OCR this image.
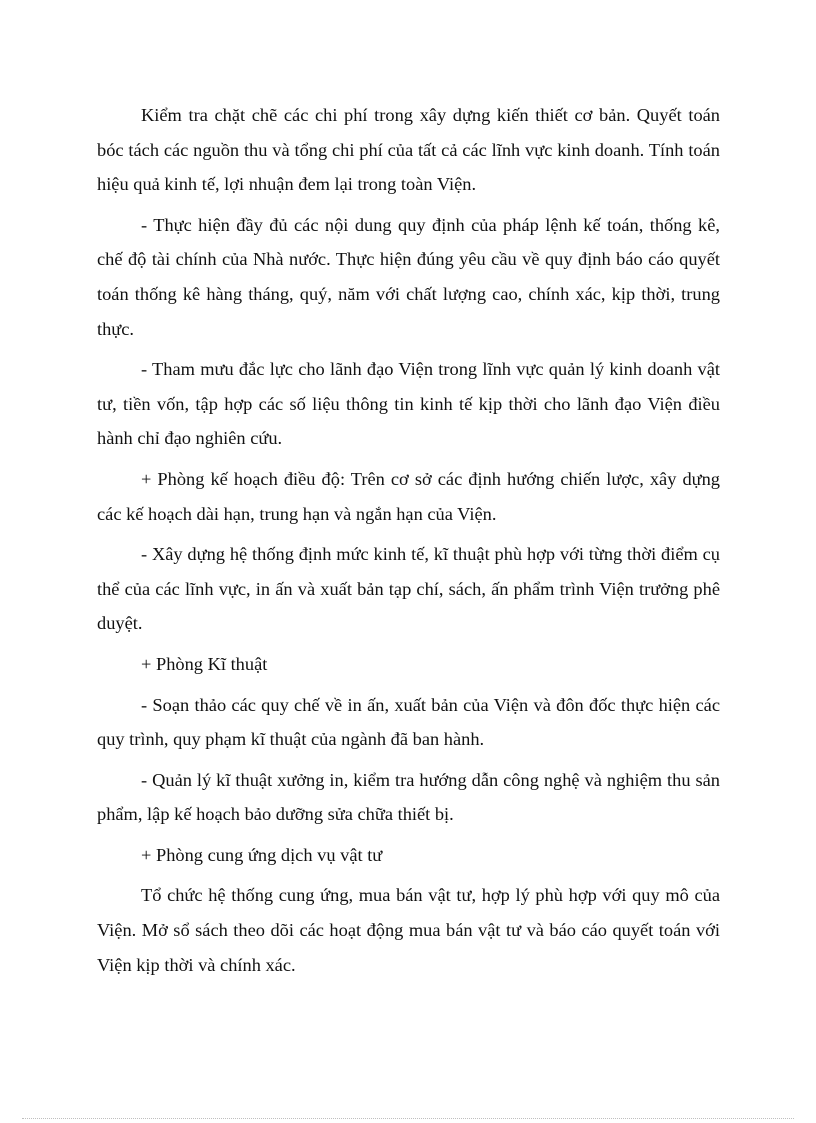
Kiểm tra chặt chẽ các chi phí trong xây dựng kiến thiết cơ bản. Quyết toán bóc tách các nguồn thu và tổng chi phí của tất cả các lĩnh vực kinh doanh. Tính toán hiệu quả kinh tế, lợi nhuận đem lại trong toàn Viện.

- Thực hiện đầy đủ các nội dung quy định của pháp lệnh kế toán, thống kê, chế độ tài chính của Nhà nước. Thực hiện đúng yêu cầu về quy định báo cáo quyết toán thống kê hàng tháng, quý, năm với chất lượng cao, chính xác, kịp thời, trung thực.

- Tham mưu đắc lực cho lãnh đạo Viện trong lĩnh vực quản lý kinh doanh vật tư, tiền vốn, tập hợp các số liệu thông tin kinh tế kịp thời cho lãnh đạo Viện điều hành chỉ đạo nghiên cứu.

+ Phòng kế hoạch điều độ: Trên cơ sở các định hướng chiến lược, xây dựng các kế hoạch dài hạn, trung hạn và ngắn hạn của Viện.

- Xây dựng hệ thống định mức kinh tế, kĩ thuật phù hợp với từng thời điểm cụ thể của các lĩnh vực, in ấn và xuất bản tạp chí, sách, ấn phẩm trình Viện trưởng phê duyệt.

+ Phòng Kĩ thuật

- Soạn thảo các quy chế về in ấn, xuất bản của Viện và đôn đốc thực hiện các quy trình, quy phạm kĩ thuật của ngành đã ban hành.

- Quản lý kĩ thuật xưởng in, kiểm tra hướng dẫn công nghệ và nghiệm thu sản phẩm, lập kế hoạch bảo dưỡng sửa chữa thiết bị.

+ Phòng cung ứng dịch vụ vật tư

Tổ chức hệ thống cung ứng, mua bán vật tư, hợp lý phù hợp với quy mô của Viện. Mở sổ sách theo dõi các hoạt động mua bán vật tư và báo cáo quyết toán với Viện kịp thời và chính xác.
